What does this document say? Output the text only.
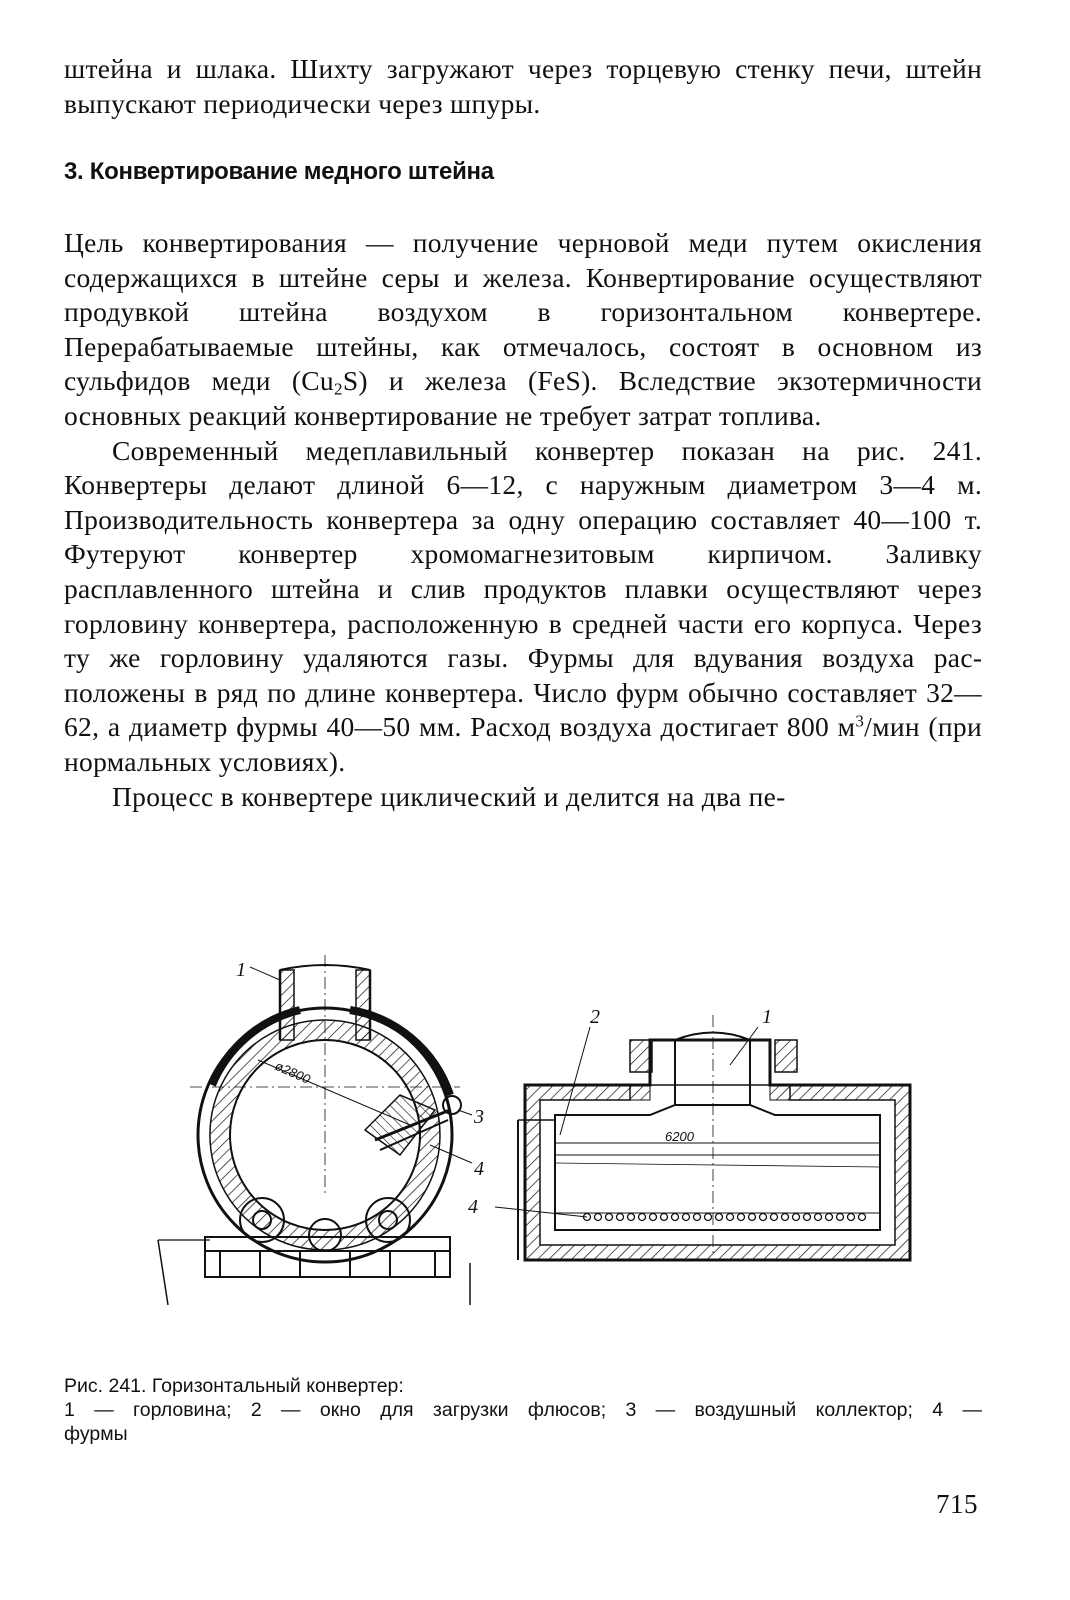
штейна и шлака. Шихту загружают через торцевую стенку печи, штейн выпускают периодически через шпуры.

3. Конвертирование медного штейна

Цель конвертирования — получение черновой меди путем окисления содержащихся в штейне серы и железа. Конвертирование осуществляют продувкой штейна воздухом в горизонтальном конвертере. Перерабатываемые штейны, как отмечалось, состоят в основном из сульфидов меди $(Cu_2S)$ и железа (FeS). Вследствие экзотермичности основных реакций конвертирование не требует затрат топлива.

Современный медеплавильный конвертер показан на рис. 241. Конвертеры делают длиной 6—12, с наружным диаметром 3—4 м. Производительность конвертера за одну операцию составляет 40—100 т. Футеруют конвертер хромомагнезитовым кирпичом. Заливку расплавленного штейна и слив продуктов плавки осуществляют через горловину конвертера, расположенную в средней части его корпуса. Через ту же горловину удаляются газы. Фурмы для вдувания воздуха расположены в ряд по длине конвертера. Число фурм обычно составляет 32—62, а диаметр фурмы 40—50 мм. Расход воздуха достигает 800 $м^3$/мин (при нормальных условиях).

Процесс в конвертере циклический и делится на два пе-

1
3
4
ø2800
2	1
4
6200
Рис. 241. Горизонтальный конвертер:
1 — горловина; 2 — окно для загрузки флюсов; 3 — воздушный коллектор; 4 —
фурмы
715
